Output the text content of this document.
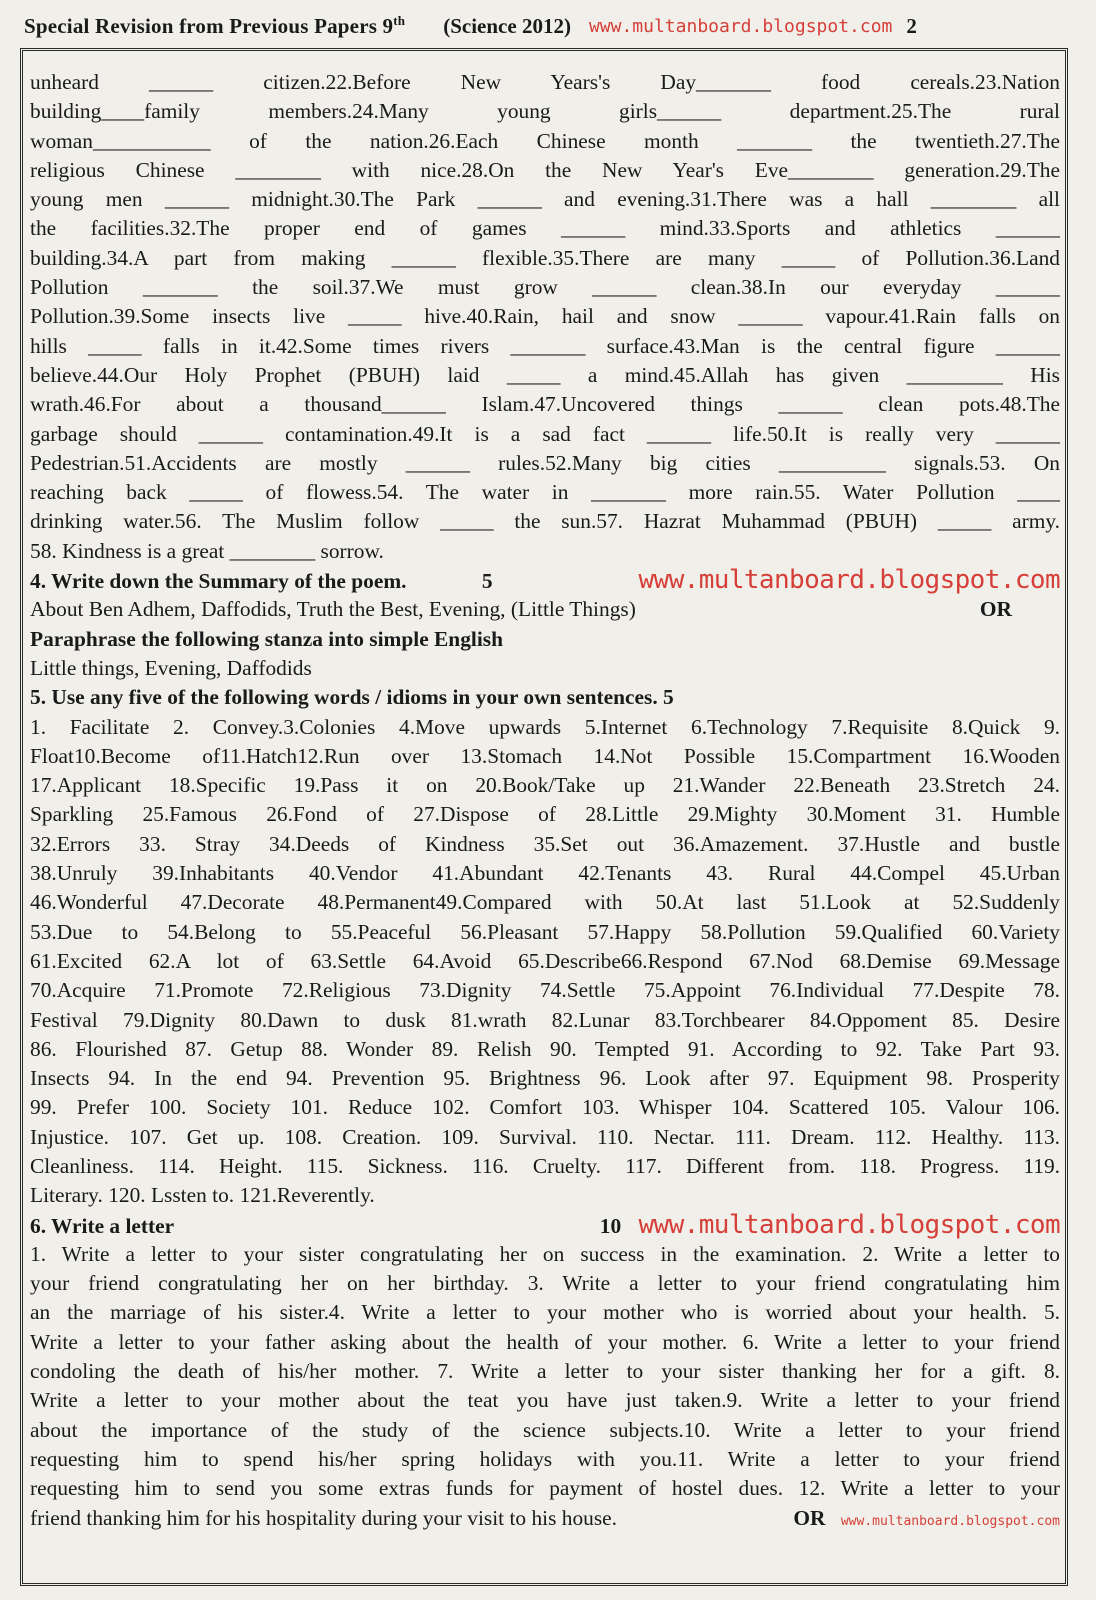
Special Revision from Previous Papers 9th (Science 2012) www.multanboard.blogspot.com 2

unheard ______ citizen.22.Before New Years's Day_______ food cereals.23.Nation

building____family members.24.Many young girls______ department.25.The rural

woman___________ of the nation.26.Each Chinese month _______ the twentieth.27.The

religious Chinese ________ with nice.28.On the New Year's Eve________ generation.29.The

young men ______ midnight.30.The Park ______ and evening.31.There was a hall ________ all

the facilities.32.The proper end of games ______ mind.33.Sports and athletics ______

building.34.A part from making ______ flexible.35.There are many _____ of Pollution.36.Land

Pollution _______ the soil.37.We must grow ______ clean.38.In our everyday ______

Pollution.39.Some insects live _____ hive.40.Rain, hail and snow ______ vapour.41.Rain falls on

hills _____ falls in it.42.Some times rivers _______ surface.43.Man is the central figure ______

believe.44.Our Holy Prophet (PBUH) laid _____ a mind.45.Allah has given _________ His

wrath.46.For about a thousand______ Islam.47.Uncovered things ______ clean pots.48.The

garbage should ______ contamination.49.It is a sad fact ______ life.50.It is really very ______

Pedestrian.51.Accidents are mostly ______ rules.52.Many big cities __________ signals.53. On

reaching back _____ of flowess.54. The water in _______ more rain.55. Water Pollution ____

drinking water.56. The Muslim follow _____ the sun.57. Hazrat Muhammad (PBUH) _____ army.

58. Kindness is a great ________ sorrow.

4. Write down the Summary of the poem.	5	www.multanboard.blogspot.com
About Ben Adhem, Daffodids, Truth the Best, Evening, (Little Things)	OR

Paraphrase the following stanza into simple English

Little things, Evening, Daffodids

5. Use any five of the following words / idioms in your own sentences. 5

1. Facilitate 2. Convey.3.Colonies 4.Move upwards 5.Internet 6.Technology 7.Requisite 8.Quick 9.

Float10.Become of11.Hatch12.Run over 13.Stomach 14.Not Possible 15.Compartment 16.Wooden

17.Applicant 18.Specific 19.Pass it on 20.Book/Take up 21.Wander 22.Beneath 23.Stretch 24.

Sparkling 25.Famous 26.Fond of 27.Dispose of 28.Little 29.Mighty 30.Moment 31. Humble

32.Errors 33. Stray 34.Deeds of Kindness 35.Set out 36.Amazement. 37.Hustle and bustle

38.Unruly 39.Inhabitants 40.Vendor 41.Abundant 42.Tenants 43. Rural 44.Compel 45.Urban

46.Wonderful 47.Decorate 48.Permanent49.Compared with 50.At last 51.Look at 52.Suddenly

53.Due to 54.Belong to 55.Peaceful 56.Pleasant 57.Happy 58.Pollution 59.Qualified 60.Variety

61.Excited 62.A lot of 63.Settle 64.Avoid 65.Describe66.Respond 67.Nod 68.Demise 69.Message

70.Acquire 71.Promote 72.Religious 73.Dignity 74.Settle 75.Appoint 76.Individual 77.Despite 78.

Festival 79.Dignity 80.Dawn to dusk 81.wrath 82.Lunar 83.Torchbearer 84.Oppoment 85. Desire

86. Flourished 87. Getup 88. Wonder 89. Relish 90. Tempted 91. According to 92. Take Part 93.

Insects 94. In the end 94. Prevention 95. Brightness 96. Look after 97. Equipment 98. Prosperity

99. Prefer 100. Society 101. Reduce 102. Comfort 103. Whisper 104. Scattered 105. Valour 106.

Injustice. 107. Get up. 108. Creation. 109. Survival. 110. Nectar. 111. Dream. 112. Healthy. 113.

Cleanliness. 114. Height. 115. Sickness. 116. Cruelty. 117. Different from. 118. Progress. 119.

Literary. 120. Lssten to. 121.Reverently.

6. Write a letter	10 www.multanboard.blogspot.com

1. Write a letter to your sister congratulating her on success in the examination. 2. Write a letter to

your friend congratulating her on her birthday. 3. Write a letter to your friend congratulating him

an the marriage of his sister.4. Write a letter to your mother who is worried about your health. 5.

Write a letter to your father asking about the health of your mother. 6. Write a letter to your friend

condoling the death of his/her mother. 7. Write a letter to your sister thanking her for a gift. 8.

Write a letter to your mother about the teat you have just taken.9. Write a letter to your friend

about the importance of the study of the science subjects.10. Write a letter to your friend

requesting him to spend his/her spring holidays with you.11. Write a letter to your friend

requesting him to send you some extras funds for payment of hostel dues. 12. Write a letter to your

friend thanking him for his hospitality during your visit to his house.	OR www.multanboard.blogspot.com
